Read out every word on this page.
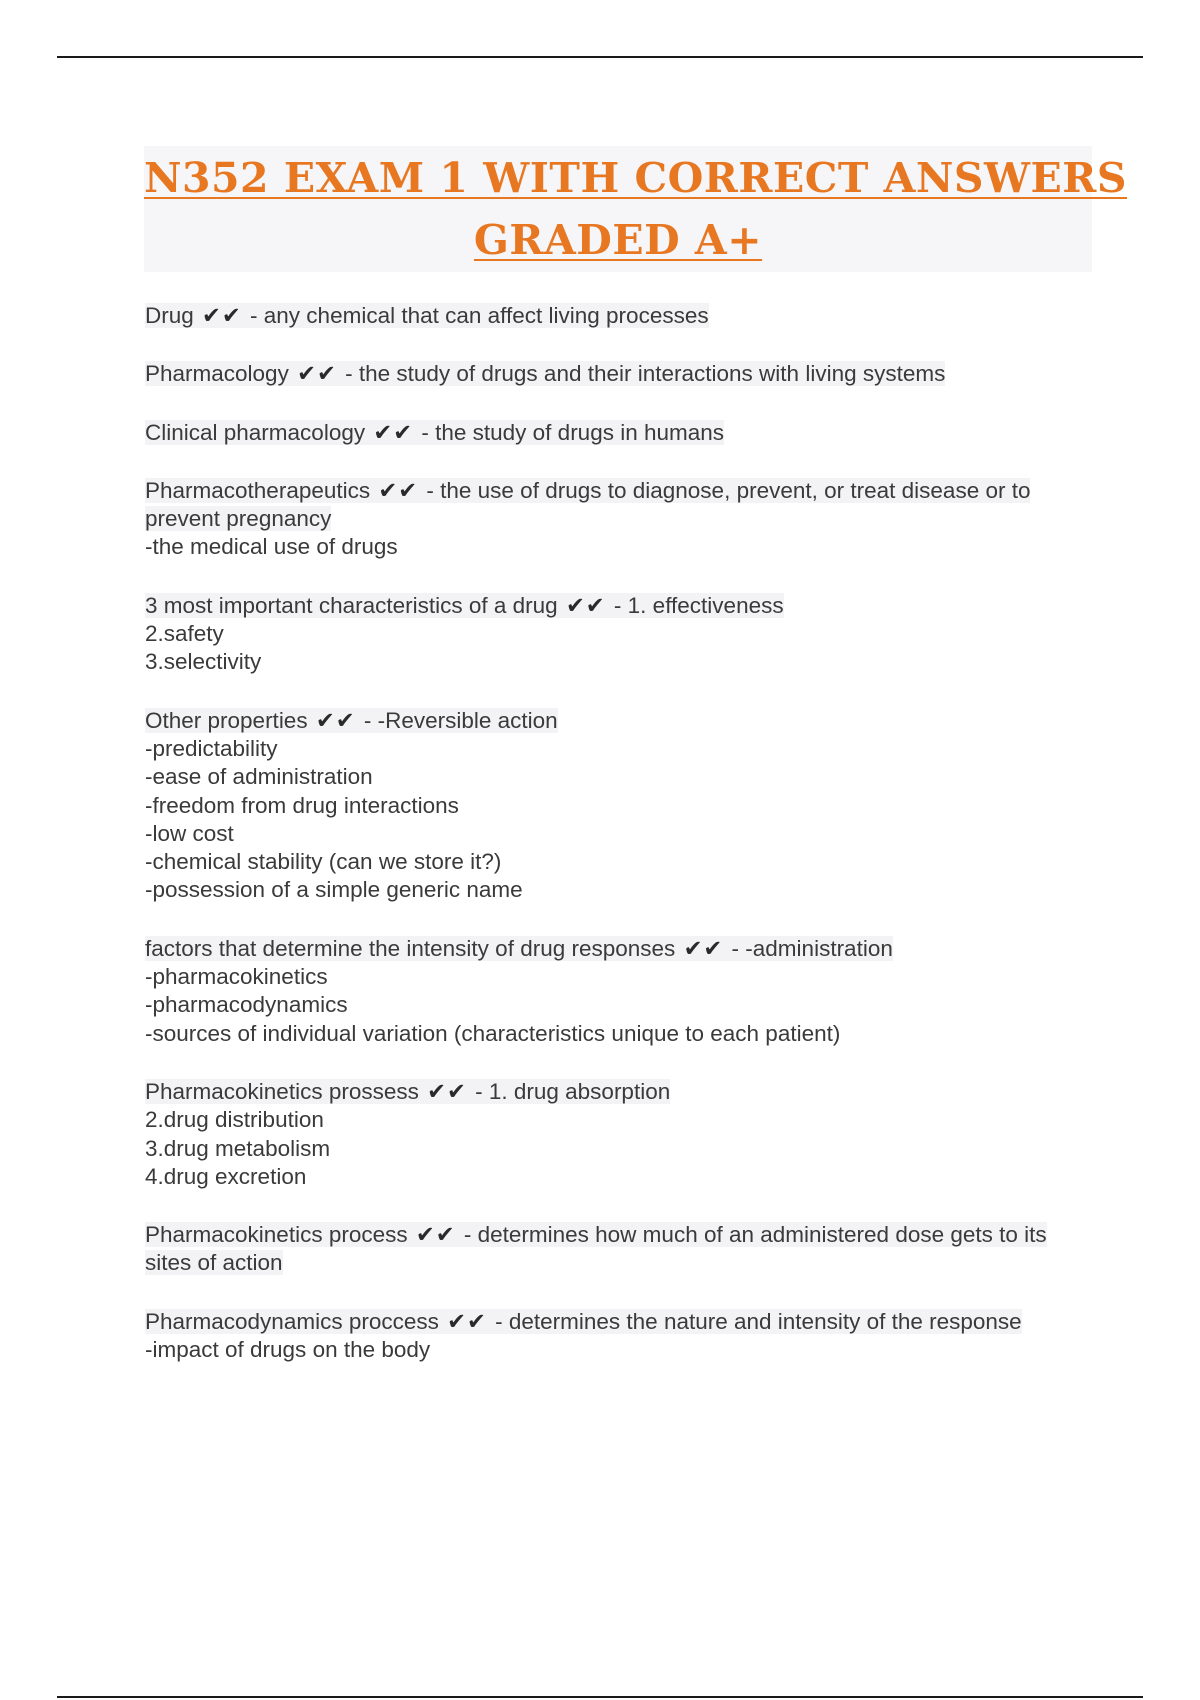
N352 EXAM 1 WITH CORRECT ANSWERS
GRADED A+

Drug ✔✔ - any chemical that can affect living processes

Pharmacology ✔✔ - the study of drugs and their interactions with living systems

Clinical pharmacology ✔✔ - the study of drugs in humans

Pharmacotherapeutics ✔✔ - the use of drugs to diagnose, prevent, or treat disease or to prevent pregnancy
-the medical use of drugs

3 most important characteristics of a drug ✔✔ - 1. effectiveness
2.safety
3.selectivity

Other properties ✔✔ - -Reversible action
-predictability
-ease of administration
-freedom from drug interactions
-low cost
-chemical stability (can we store it?)
-possession of a simple generic name

factors that determine the intensity of drug responses ✔✔ - -administration
-pharmacokinetics
-pharmacodynamics
-sources of individual variation (characteristics unique to each patient)

Pharmacokinetics prossess ✔✔ - 1. drug absorption
2.drug distribution
3.drug metabolism
4.drug excretion

Pharmacokinetics process ✔✔ - determines how much of an administered dose gets to its sites of action

Pharmacodynamics proccess ✔✔ - determines the nature and intensity of the response
-impact of drugs on the body
